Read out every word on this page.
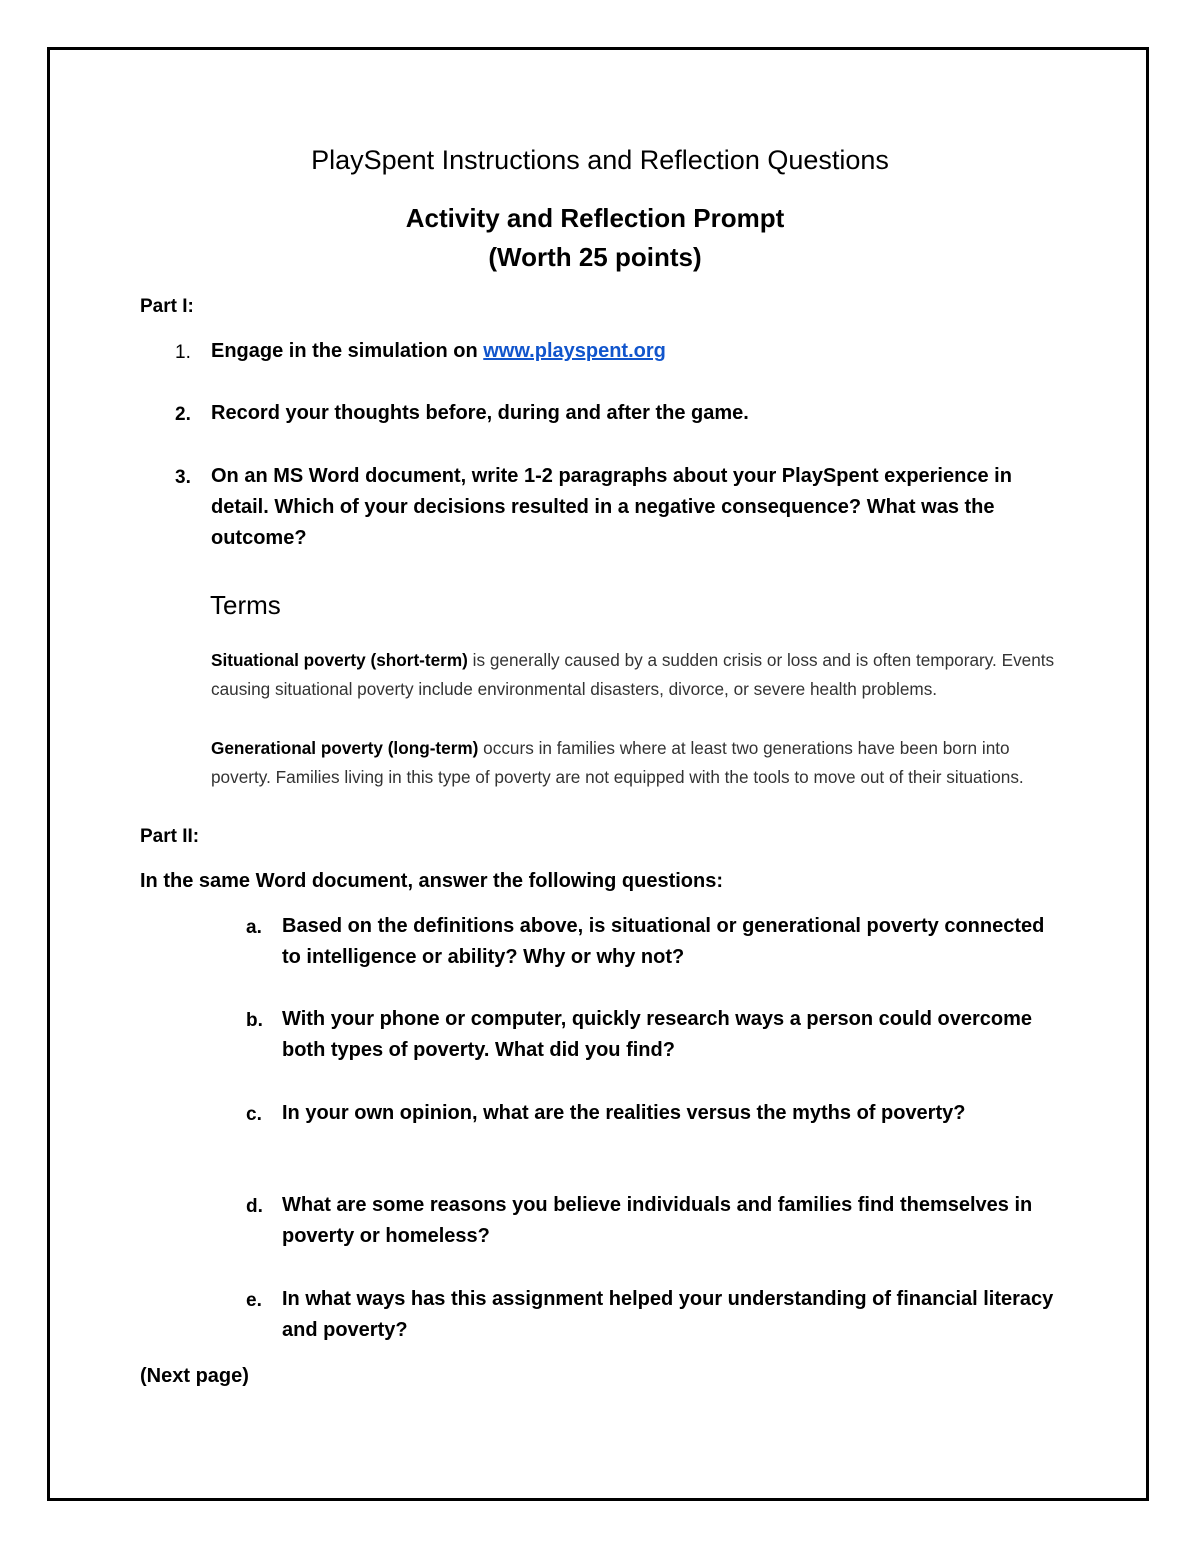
PlaySpent Instructions and Reflection Questions
Activity and Reflection Prompt
(Worth 25 points)
Part I:
1. Engage in the simulation on www.playspent.org
2. Record your thoughts before, during and after the game.
3. On an MS Word document, write 1-2 paragraphs about your PlaySpent experience in detail. Which of your decisions resulted in a negative consequence? What was the outcome?
Terms
Situational poverty (short-term) is generally caused by a sudden crisis or loss and is often temporary. Events causing situational poverty include environmental disasters, divorce, or severe health problems.
Generational poverty (long-term) occurs in families where at least two generations have been born into poverty. Families living in this type of poverty are not equipped with the tools to move out of their situations.
Part II:
In the same Word document, answer the following questions:
a. Based on the definitions above, is situational or generational poverty connected to intelligence or ability? Why or why not?
b. With your phone or computer, quickly research ways a person could overcome both types of poverty. What did you find?
c. In your own opinion, what are the realities versus the myths of poverty?
d. What are some reasons you believe individuals and families find themselves in poverty or homeless?
e. In what ways has this assignment helped your understanding of financial literacy and poverty?
(Next page)
